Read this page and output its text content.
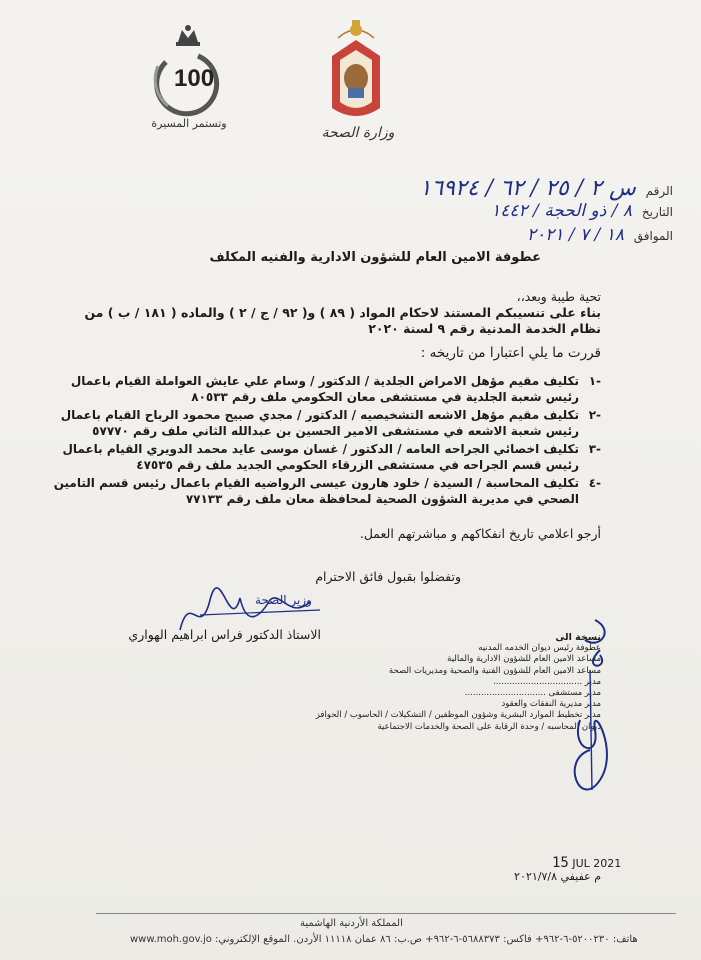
100
وتستمر المسيرة
وزارة الصحة
الرقم س ٢ / ٢٥ / ٦٢ / ١٦٩٢٤
التاريخ ٨ / ذو الحجة / ١٤٤٢
الموافق ١٨ / ٧ / ٢٠٢١
عطوفة الامين العام للشؤون الادارية والفنيه المكلف
تحية طيبة وبعد،،
بناء على تنسيبكم المستند لاحكام المواد ( ٨٩ ) و( ٩٢ / ج / ٢ ) والماده ( ١٨١ / ب ) من نظام الخدمة المدنية رقم ٩ لسنة ٢٠٢٠
قررت ما يلي اعتبارا من تاريخه :
-١
تكليف مقيم مؤهل الامراض الجلدية / الدكتور / وسام علي عايش العواملة القيام باعمال رئيس شعبة الجلدية في مستشفى معان الحكومي ملف رقم ٨٠٥٣٣
-٢
تكليف مقيم مؤهل الاشعه التشخيصيه / الدكتور / مجدي صبيح محمود الرباح القيام باعمال رئيس شعبة الاشعه في مستشفى الامير الحسين بن عبدالله الثاني ملف رقم ٥٧٧٧٠
-٣
تكليف اخصائي الجراحه العامه / الدكتور / غسان موسى عايد محمد الدويري القيام باعمال رئيس قسم الجراحه في مستشفى الزرقاء الحكومي الجديد ملف رقم ٤٧٥٣٥
-٤
تكليف المحاسبة / السيدة / خلود هارون عيسى الرواضيه القيام باعمال رئيس قسم التامين الصحي في مديرية الشؤون الصحية لمحافظة معان ملف رقم ٧٧١٣٣
أرجو اعلامي تاريخ انفكاكهم و مباشرتهم العمل.
وتفضلوا بقبول فائق الاحترام
وزير الصحة
الاستاذ الدكتور فراس ابراهيم الهواري	نسخة الى
عطوفة رئيس ديوان الخدمه المدنيه
مساعد الامين العام للشؤون الادارية والمالية
مساعد الامين العام للشؤون الفنية والصحية ومديريات الصحة
مدير .................................
مدير مستشفى ..............................
مدير مديرية النفقات والعقود
مدير تخطيط الموارد البشرية وشؤون الموظفين / التشكيلات / الحاسوب / الحوافز
ديوان المحاسبه / وحدة الرقابة على الصحة والخدمات الاجتماعية
15 JUL 2021
م عفيفي ٢٠٢١/٧/٨
المملكة الأردنية الهاشمية
www.moh.gov.jo هاتف: ٥٢٠٠٢٣٠-٦-٩٦٢+ فاكس: ٥٦٨٨٣٧٣-٦-٩٦٢+ ص.ب: ٨٦ عمان ١١١١٨ الأردن. الموقع الإلكتروني:
